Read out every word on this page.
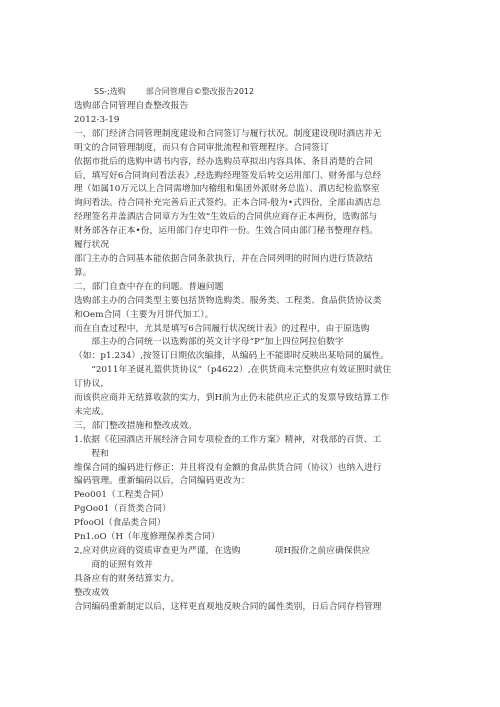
SS-;选购	部合同管理自©整改报告2012

选购部合同管理自查整改报告

2012-3-19

一，部门经济合同管理制度建设和合同签订与履行状况。制度建设现时酒店并无

明文的合同管理制度，而只有合同审批流程和管理程序。合同签订

依据市批后的选购申请书内容，经办选购员草拟出内容具体、条目消楚的合同

后，填写好6合同询问看法表》,经选购经理签发后转交运用部门、财务部与总经

理（如属10万元以上合同需增加内稽组和集团外派财务总监）、酒店纪检监察室

询问看法。待合同补充完善后正式签约。正本合同-般为•式四份，全部由酒店总

经理签名并盖酒店合同章方为生效“生效后的合同供应商存正本两份，选购部与

财务部各存正本•份，运用部门存史印件一份。生效合同由部门秘书整理存档。

履行状况

部门主办的合同基本能依据合同条款执行，并在合同列明的时间内进行货款结

算。

二，部门自查中存在的问题。普遍问题

选购部主办的合同类型主要包括货物选购类、服务类、工程类、食品供货协议类

和Oem合同（主要为月饼代加工）。

而在自查过程中，尤其是填写6合同履行状况统计表》的过程中，由于原选购

部主办的合同统一以选购部的英文计字母“P”加上四位阿拉伯数字

（如：p1.234）,按签订日期依次编排，从编码上不能即时反映出某哈同的属性。

“2011年圣诞礼篮供货协议”（p4622）,在供货商未完整供应有效证照时就住

订协议，

而该供应商并无结算收款的实力，到H前为止仍未能供应正式的发票导致结算工作

未完成。

三，部门整改措施和整改成效。

1.依据《花园酒店开展经济合同专项检查的工作方案》精神，对我部的百货、工

程和

维保合同的编码进行修正：并且将没有金额的食品供货合同（协议）也纳入进行

编码管理。重新编码以后，合同编码更改为：

Peo001（工程类合同）

PgOo01（百货类合同）

PfooOl（食品类合同）

Pn1.oO（H（年度修理保养类合同）

2,应对供应商的资质审查更为严谨，在选购	项H报价之前应确保供应

商的证照有效并

具备应有的财务结算实力。

整改成效

合同编码重新制定以后，这样更直观地反映合同的属性类别，日后合同存档管理
